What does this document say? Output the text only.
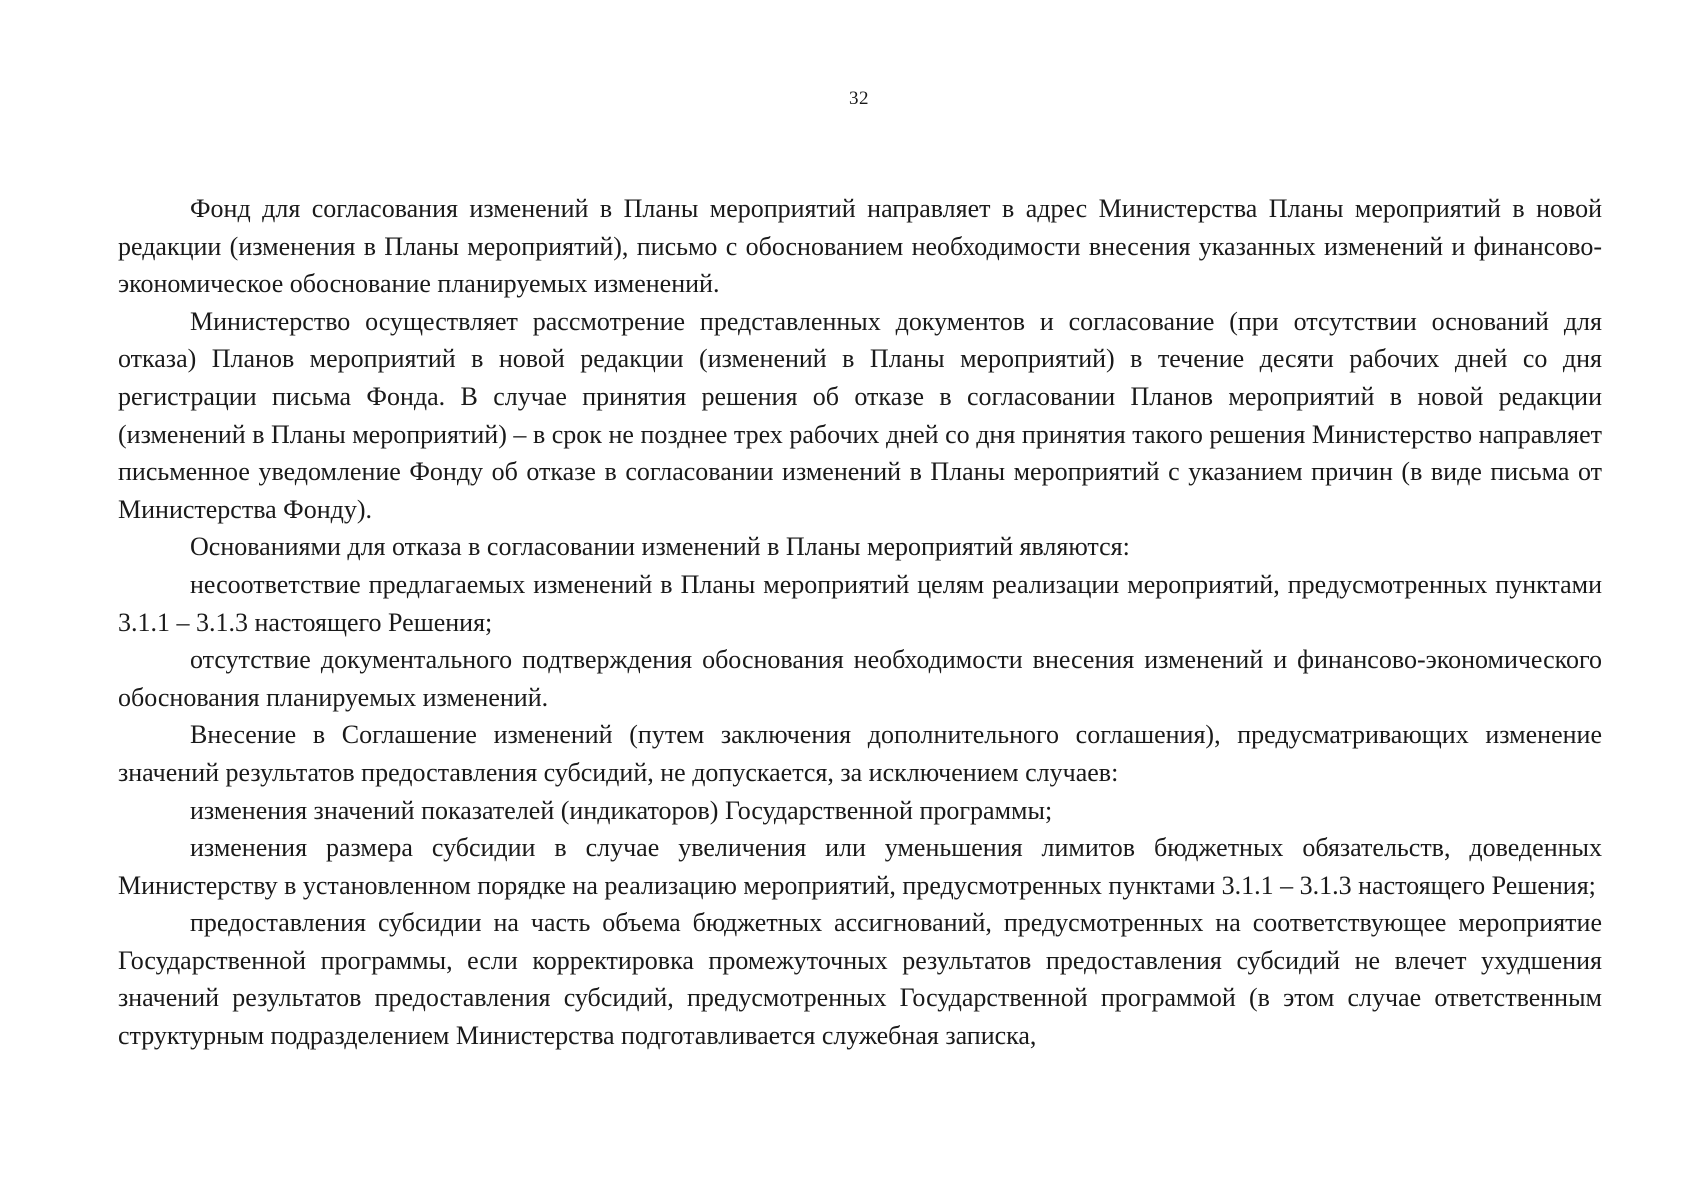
32

Фонд для согласования изменений в Планы мероприятий направляет в адрес Министерства Планы мероприятий в новой редакции (изменения в Планы мероприятий), письмо с обоснованием необходимости внесения указанных изменений и финансово-экономическое обоснование планируемых изменений.

Министерство осуществляет рассмотрение представленных документов и согласование (при отсутствии оснований для отказа) Планов мероприятий в новой редакции (изменений в Планы мероприятий) в течение десяти рабочих дней со дня регистрации письма Фонда. В случае принятия решения об отказе в согласовании Планов мероприятий в новой редакции (изменений в Планы мероприятий) – в срок не позднее трех рабочих дней со дня принятия такого решения Министерство направляет письменное уведомление Фонду об отказе в согласовании изменений в Планы мероприятий с указанием причин (в виде письма от Министерства Фонду).

Основаниями для отказа в согласовании изменений в Планы мероприятий являются:

несоответствие предлагаемых изменений в Планы мероприятий целям реализации мероприятий, предусмотренных пунктами 3.1.1 – 3.1.3 настоящего Решения;

отсутствие документального подтверждения обоснования необходимости внесения изменений и финансово-экономического обоснования планируемых изменений.

Внесение в Соглашение изменений (путем заключения дополнительного соглашения), предусматривающих изменение значений результатов предоставления субсидий, не допускается, за исключением случаев:

изменения значений показателей (индикаторов) Государственной программы;

изменения размера субсидии в случае увеличения или уменьшения лимитов бюджетных обязательств, доведенных Министерству в установленном порядке на реализацию мероприятий, предусмотренных пунктами 3.1.1 – 3.1.3 настоящего Решения;

предоставления субсидии на часть объема бюджетных ассигнований, предусмотренных на соответствующее мероприятие Государственной программы, если корректировка промежуточных результатов предоставления субсидий не влечет ухудшения значений результатов предоставления субсидий, предусмотренных Государственной программой (в этом случае ответственным структурным подразделением Министерства подготавливается служебная записка,
